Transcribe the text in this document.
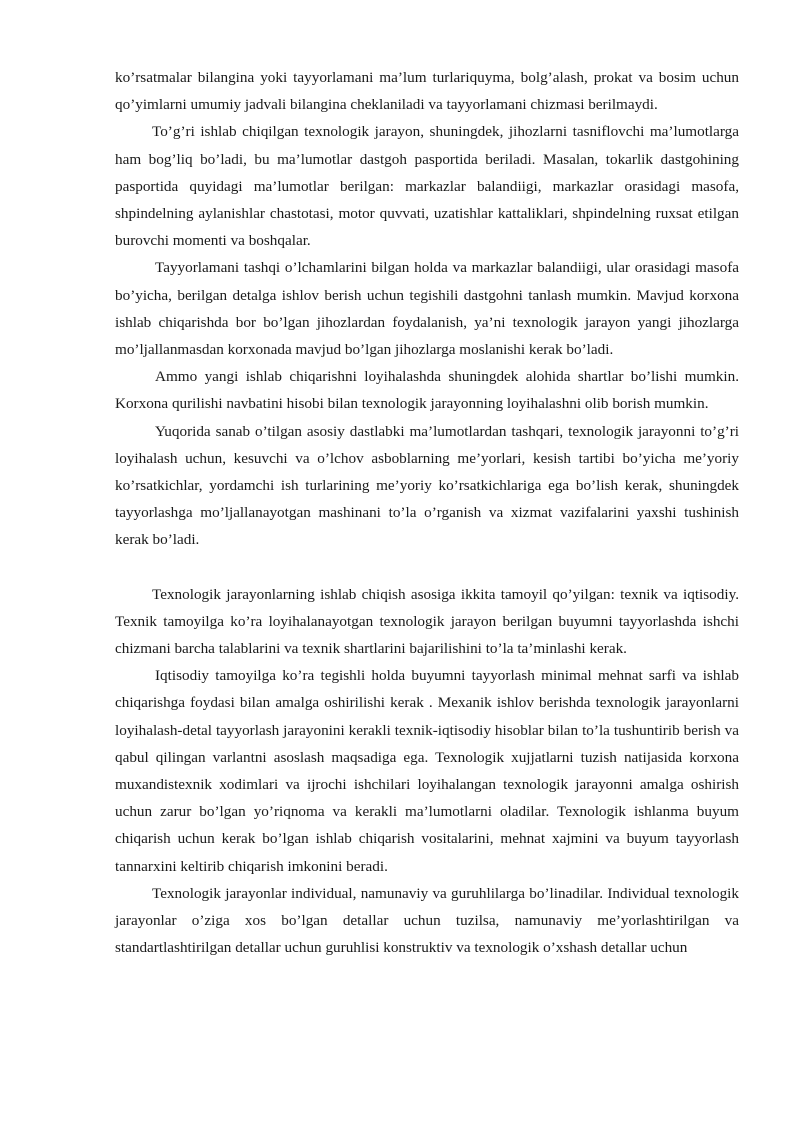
ko’rsatmalar bilangina yoki tayyorlamani ma’lum turlariquyma, bolg’alash, prokat va bosim uchun qo’yimlarni umumiy jadvali bilangina cheklaniladi va tayyorlamani chizmasi berilmaydi.

To’g’ri ishlab chiqilgan texnologik jarayon, shuningdek, jihozlarni tasniflovchi ma’lumotlarga ham bog’liq bo’ladi, bu ma’lumotlar dastgoh pasportida beriladi. Masalan, tokarlik dastgohining pasportida quyidagi ma’lumotlar berilgan: markazlar balandiigi, markazlar orasidagi masofa, shpindelning aylanishlar chastotasi, motor quvvati, uzatishlar kattaliklari, shpindelning ruxsat etilgan burovchi momenti va boshqalar.

Tayyorlamani tashqi o’lchamlarini bilgan holda va markazlar balandiigi, ular orasidagi masofa bo’yicha, berilgan detalga ishlov berish uchun tegishili dastgohni tanlash mumkin. Mavjud korxona ishlab chiqarishda bor bo’lgan jihozlardan foydalanish, ya’ni texnologik jarayon yangi jihozlarga mo’ljallanmasdan korxonada mavjud bo’lgan jihozlarga moslanishi kerak bo’ladi.

Ammo yangi ishlab chiqarishni loyihalashda shuningdek alohida shartlar bo’lishi mumkin. Korxona qurilishi navbatini hisobi bilan texnologik jarayonning loyihalashni olib borish mumkin.

Yuqorida sanab o’tilgan asosiy dastlabki ma’lumotlardan tashqari, texnologik jarayonni to’g’ri loyihalash uchun, kesuvchi va o’lchov asboblarning me’yorlari, kesish tartibi bo’yicha me’yoriy ko’rsatkichlar, yordamchi ish turlarining me’yoriy ko’rsatkichlariga ega bo’lish kerak, shuningdek tayyorlashga mo’ljallanayotgan mashinani to’la o’rganish va xizmat vazifalarini yaxshi tushinish kerak bo’ladi.

Texnologik jarayonlarning ishlab chiqish asosiga ikkita tamoyil qo’yilgan: texnik va iqtisodiy. Texnik tamoyilga ko’ra loyihalanayotgan texnologik jarayon berilgan buyumni tayyorlashda ishchi chizmani barcha talablarini va texnik shartlarini bajarilishini to’la ta’minlashi kerak.

Iqtisodiy tamoyilga ko’ra tegishli holda buyumni tayyorlash minimal mehnat sarfi va ishlab chiqarishga foydasi bilan amalga oshirilishi kerak . Mexanik ishlov berishda texnologik jarayonlarni loyihalash-detal tayyorlash jarayonini kerakli texnik-iqtisodiy hisoblar bilan to’la tushuntirib berish va qabul qilingan varlantni asoslash maqsadiga ega. Texnologik xujjatlarni tuzish natijasida korxona muxandistexnik xodimlari va ijrochi ishchilari loyihalangan texnologik jarayonni amalga oshirish uchun zarur bo’lgan yo’riqnoma va kerakli ma’lumotlarni oladilar. Texnologik ishlanma buyum chiqarish uchun kerak bo’lgan ishlab chiqarish vositalarini, mehnat xajmini va buyum tayyorlash tannarxini keltirib chiqarish imkonini beradi.

Texnologik jarayonlar individual, namunaviy va guruhlilarga bo’linadilar. Individual texnologik jarayonlar o’ziga xos bo’lgan detallar uchun tuzilsa, namunaviy me’yorlashtirilgan va standartlashtirilgan detallar uchun guruhlisi konstruktiv va texnologik o’xshash detallar uchun
